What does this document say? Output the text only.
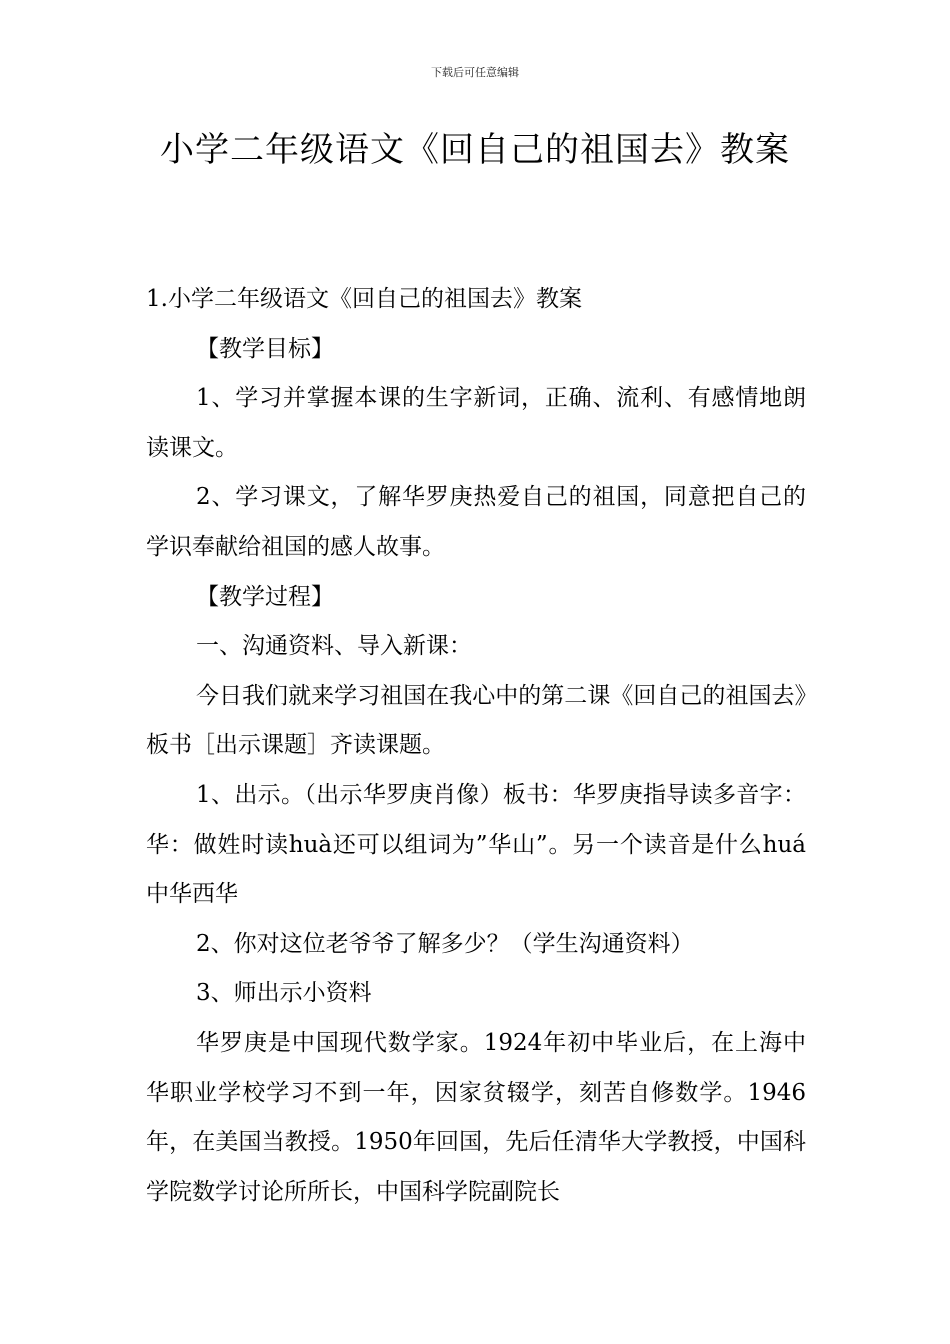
下载后可任意编辑
小学二年级语文《回自己的祖国去》教案

1.小学二年级语文《回自己的祖国去》教案

【教学目标】

1、学习并掌握本课的生字新词，正确、流利、有感情地朗读课文。

2、学习课文，了解华罗庚热爱自己的祖国，同意把自己的学识奉献给祖国的感人故事。

【教学过程】

一、沟通资料、导入新课：

今日我们就来学习祖国在我心中的第二课《回自己的祖国去》板书［出示课题］齐读课题。

1、出示。（出示华罗庚肖像）板书：华罗庚指导读多音字：华：做姓时读huà还可以组词为”华山”。另一个读音是什么huá中华西华

2、你对这位老爷爷了解多少？（学生沟通资料）

3、师出示小资料

华罗庚是中国现代数学家。1924年初中毕业后，在上海中华职业学校学习不到一年，因家贫辍学，刻苦自修数学。1946年，在美国当教授。1950年回国，先后任清华大学教授，中国科学院数学讨论所所长，中国科学院副院长
